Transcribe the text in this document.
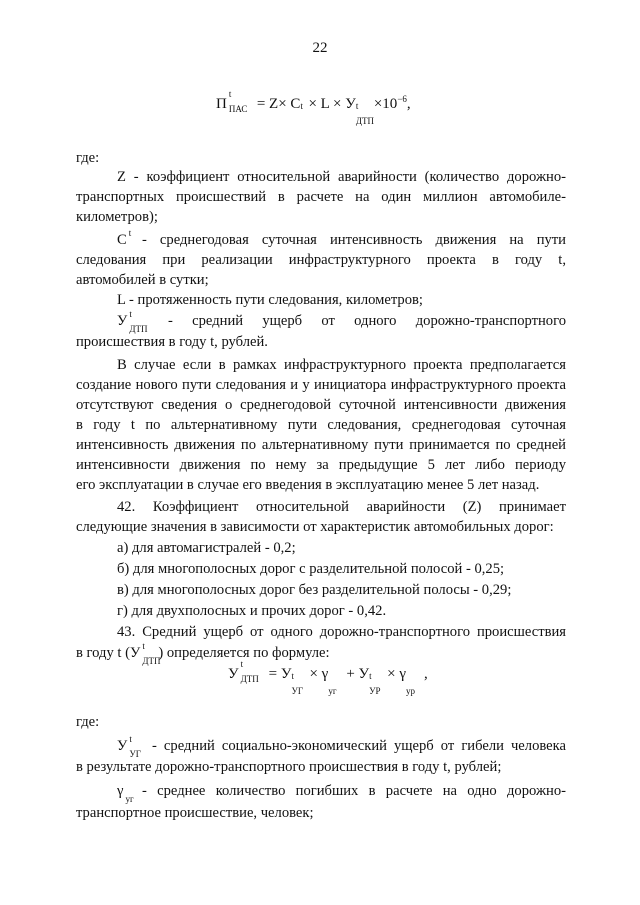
22
П
t
ПАС = Z× C t × L × У t
ДТП
$\times 10^{-6}$,
где:
Z - коэффициент относительной аварийности (количество дорожно-
транспортных происшествий в расчете на один миллион автомобиле-
километров);
C t - среднегодовая суточная интенсивность движения на пути
следования при реализации инфраструктурного проекта в году t,
автомобилей в сутки;
L - протяженность пути следования, километров;
У t
ДТП - средний ущерб от одного дорожно-транспортного
происшествия в году t, рублей.
В случае если в рамках инфраструктурного проекта предполагается
создание нового пути следования и у инициатора инфраструктурного проекта
отсутствуют сведения о среднегодовой суточной интенсивности движения
в году t по альтернативному пути следования, среднегодовая суточная
интенсивность движения по альтернативному пути принимается по средней
интенсивности движения по нему за предыдущие 5 лет либо периоду
его эксплуатации в случае его введения в эксплуатацию менее 5 лет назад.
42. Коэффициент относительной аварийности (Z) принимает
следующие значения в зависимости от характеристик автомобильных дорог:
а) для автомагистралей - 0,2;
б) для многополосных дорог с разделительной полосой - 0,25;
в) для многополосных дорог без разделительной полосы - 0,29;
г) для двухполосных и прочих дорог - 0,42.
43. Средний ущерб от одного дорожно-транспортного происшествия
в году t (У t
ДТП
) определяется по формуле:
У
t
ДТП = У t
УГ
× γ
уг
+ У t
УР
× γ
ур
,
где:
У t
УГ - средний социально-экономический ущерб от гибели человека
в результате дорожно-транспортного происшествия в году t, рублей;
γ уг - среднее количество погибших в расчете на одно дорожно-
транспортное происшествие, человек;
